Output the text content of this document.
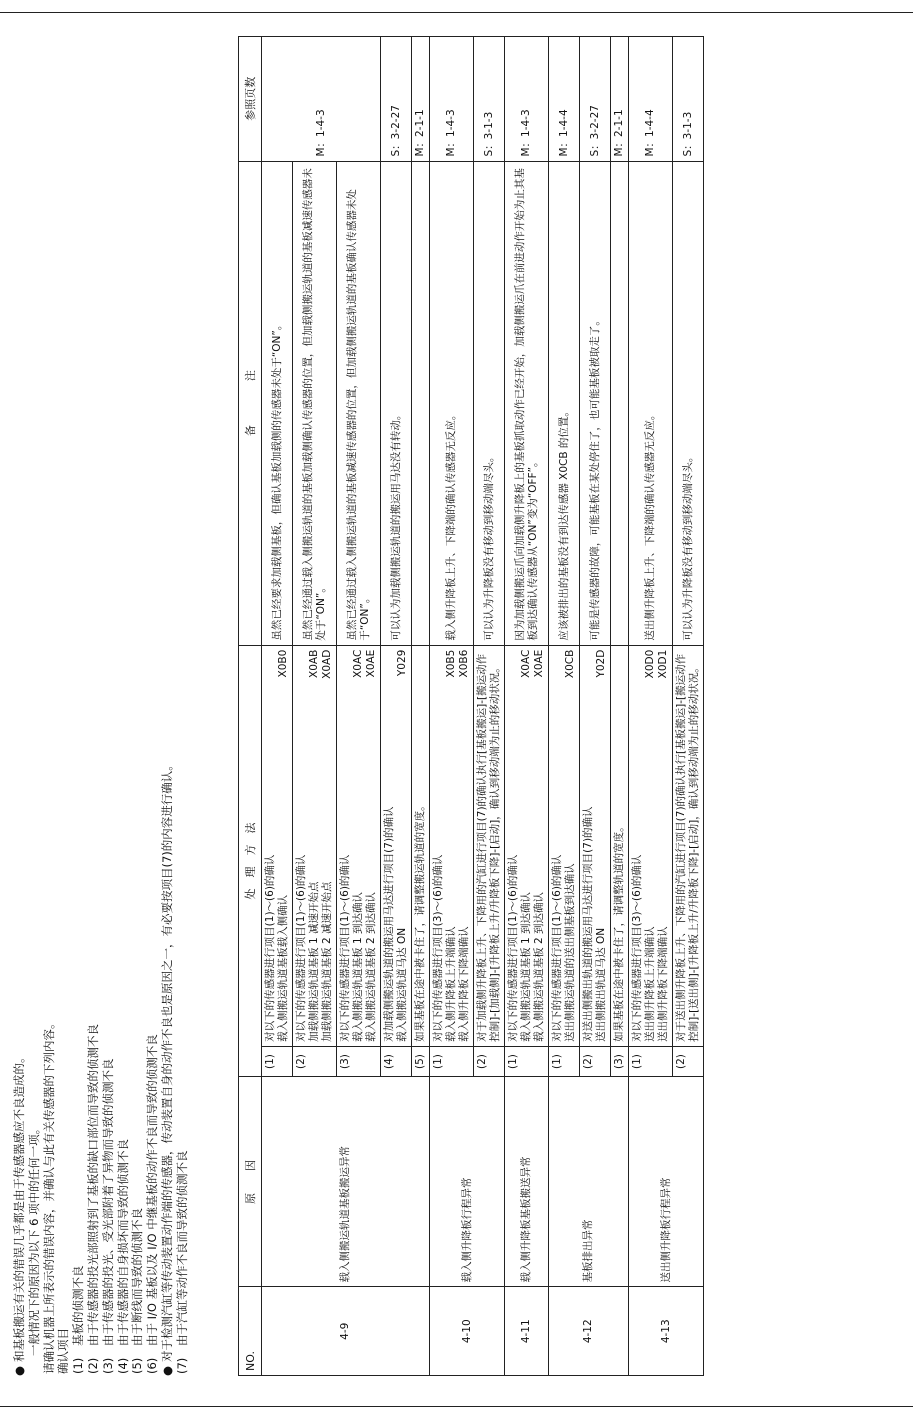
●和基板搬运有关的错误几乎都是由于传感器感应不良造成的。 一般情况下的原因为以下 6 项中的任何一项。 请确认机器上所表示的错误内容，并确认与此有关传感器的下列内容。 确认项目 (1)基板的侦测不良
(2)由于传感器的投光部照射到了基板的缺口部位而导致的侦测不良
(3)由于传感器的投光、受光部附着了异物而导致的侦测不良
(4)由于传感器的自身损坏而导致的侦测不良
(5)由于断线而导致的侦测不良
(6)由于 I/O 基板以及 I/O 中继基板的动作不良而导致的侦测不良
●对于检测汽缸等传动装置动作端的传感器，传动装置自身的动作不良也是原因之一，有必要按项目(7)的内容进行确认。
(7)由于汽缸等动作不良而导致的侦测不良
NO.	原　　因	处　理　方　法		备　　　　注	参照页数
4-9	载入侧搬运轨道基板搬运异常	(1)	对以下的传感器进行项目(1)～(6)的确认
X0B0
载入侧搬运轨道基板载入侧确认	虽然已经要求加载侧基板，但确认基板加载侧的传感器未处于“ON”。	M：1-4-3
		(2)	对以下的传感器进行项目(1)～(6)的确认
X0AB
加载侧搬运轨道基板 1 减速开始点
X0AD
加载侧搬运轨道基板 2 减速开始点	虽然已经通过载入侧搬运轨道的基板加载侧确认传感器的位置，但加载侧搬运轨道的基板减速传感器未处于“ON”。	
		(3)	对以下的传感器进行项目(1)～(6)的确认
X0AC
载入侧搬运轨道基板 1 到达确认
X0AE
载入侧搬运轨道基板 2 到达确认	虽然已经通过载入侧搬运轨道的基板减速传感器的位置，但加载侧搬运轨道的基板确认传感器未处于“ON”。	
		(4)	对加载侧搬运轨道的搬运用马达进行项目(7)的确认
Y029
载入侧搬运轨道马达 ON	可以认为加载侧搬运轨道的搬运用马达没有转动。	S：3-2-27
		(5)	如果基板在途中被卡住了，请调整搬运轨道的宽度。		M：2-1-1
4-10	载入侧升降板行程异常	(1)	对以下的传感器进行项目(3)～(6)的确认
X0B5
载入侧升降板上升端确认
X0B6
载入侧升降板下降端确认	载入侧升降板上升、下降端的确认传感器无反应。	M：1-4-3
		(2)	对于加载侧升降板上升、下降用的汽缸进行项目(7)的确认执行[基板搬运]-[搬运动作控制]-[加载侧]-[升降板上升/升降板下降]-[启动]，确认到移动端为止的移动状况。	可以认为升降板没有移动到移动端尽头。	S：3-1-3
4-11	载入侧升降板基板搬送异常	(1)	对以下的传感器进行项目(1)～(6)的确认
X0AC
载入侧搬运轨道基板 1 到达确认
X0AE
载入侧搬运轨道基板 2 到达确认	因为加载侧搬运爪向加载侧升降板上的基板抓取动作已经开始，加载侧搬运爪在前进动作开始为止其基板到达确认传感器从“ON”变为“OFF”。	M：1-4-3
4-12	基板排出异常	(1)	对以下的传感器进行项目(1)～(6)的确认
X0CB
送出侧搬运轨道的送出侧基板到达确认	应该被排出的基板没有到达传感器 X0CB 的位置。	M：1-4-4
		(2)	对送出侧搬出轨道的搬运用马达进行项目(7)的确认
Y02D
送出侧搬出轨道马达 ON	可能是传感器的故障，可能基板在某处停住了，也可能基板被取走了。	S：3-2-27
		(3)	如果基板在途中被卡住了，请调整轨道的宽度。		M：2-1-1
4-13	送出侧升降板行程异常	(1)	对以下的传感器进行项目(3)～(6)的确认
X0D0
送出侧升降板上升端确认
X0D1
送出侧升降板下降端确认	送出侧升降板上升、下降端的确认传感器无反应。	M：1-4-4
		(2)	对于送出侧升降板上升、下降用的汽缸进行项目(7)的确认执行[基板搬运]-[搬运动作控制]-[送出侧]-[升降板上升/升降板下降]-[启动]，确认到移动端为止的移动状况。	可以认为升降板没有移动到移动端尽头。	S：3-1-3
